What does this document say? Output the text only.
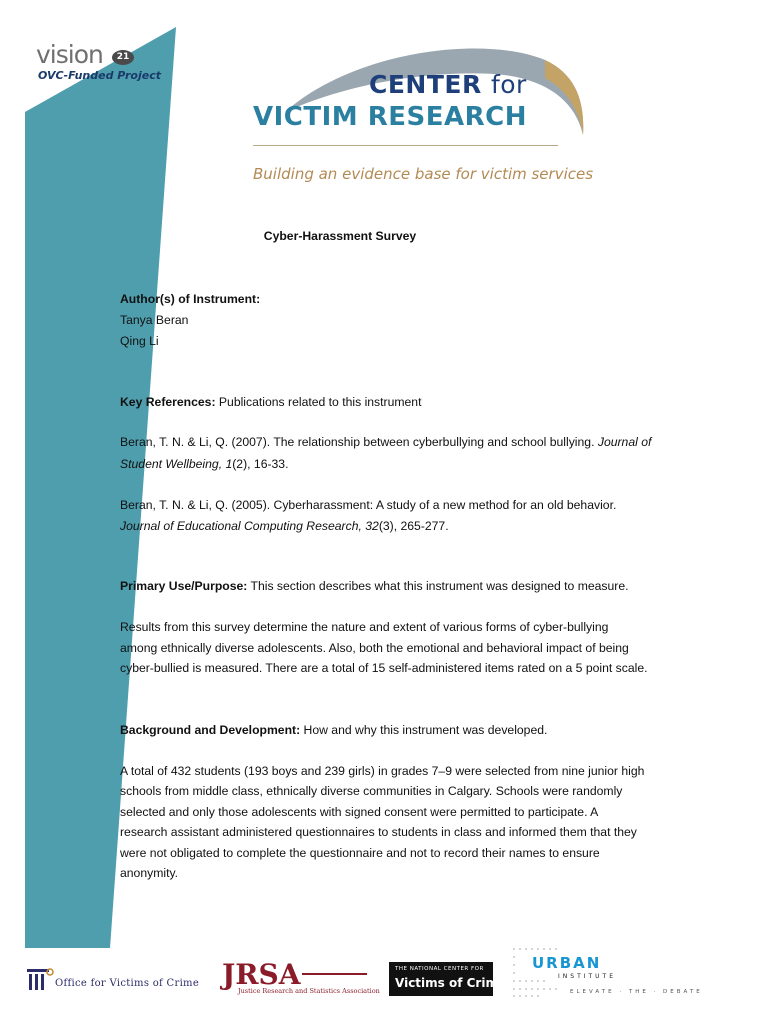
vision	21
OVC-Funded Project	CENTER for
VICTIM RESEARCH
Building an evidence base for victim services
Cyber-Harassment Survey
Author(s) of Instrument:
Tanya Beran
Qing Li
Key References: Publications related to this instrument
Beran, T. N. & Li, Q. (2007). The relationship between cyberbullying and school bullying. Journal of
Student Wellbeing, 1(2), 16-33.
Beran, T. N. & Li, Q. (2005). Cyberharassment: A study of a new method for an old behavior.
Journal of Educational Computing Research, 32(3), 265-277.
Primary Use/Purpose: This section describes what this instrument was designed to measure.
Results from this survey determine the nature and extent of various forms of cyber-bullying
among ethnically diverse adolescents. Also, both the emotional and behavioral impact of being
cyber-bullied is measured. There are a total of 15 self-administered items rated on a 5 point scale.
Background and Development: How and why this instrument was developed.
A total of 432 students (193 boys and 239 girls) in grades 7–9 were selected from nine junior high
schools from middle class, ethnically diverse communities in Calgary. Schools were randomly
selected and only those adolescents with signed consent were permitted to participate. A
research assistant administered questionnaires to students in class and informed them that they
were not obligated to complete the questionnaire and not to record their names to ensure
anonymity.
Office for Victims of Crime JRSA
Justice Research and Statistics Association
THE NATIONAL CENTER FOR
Victims of Crime
URBAN
INSTITUTE
ELEVATE · THE · DEBATE
